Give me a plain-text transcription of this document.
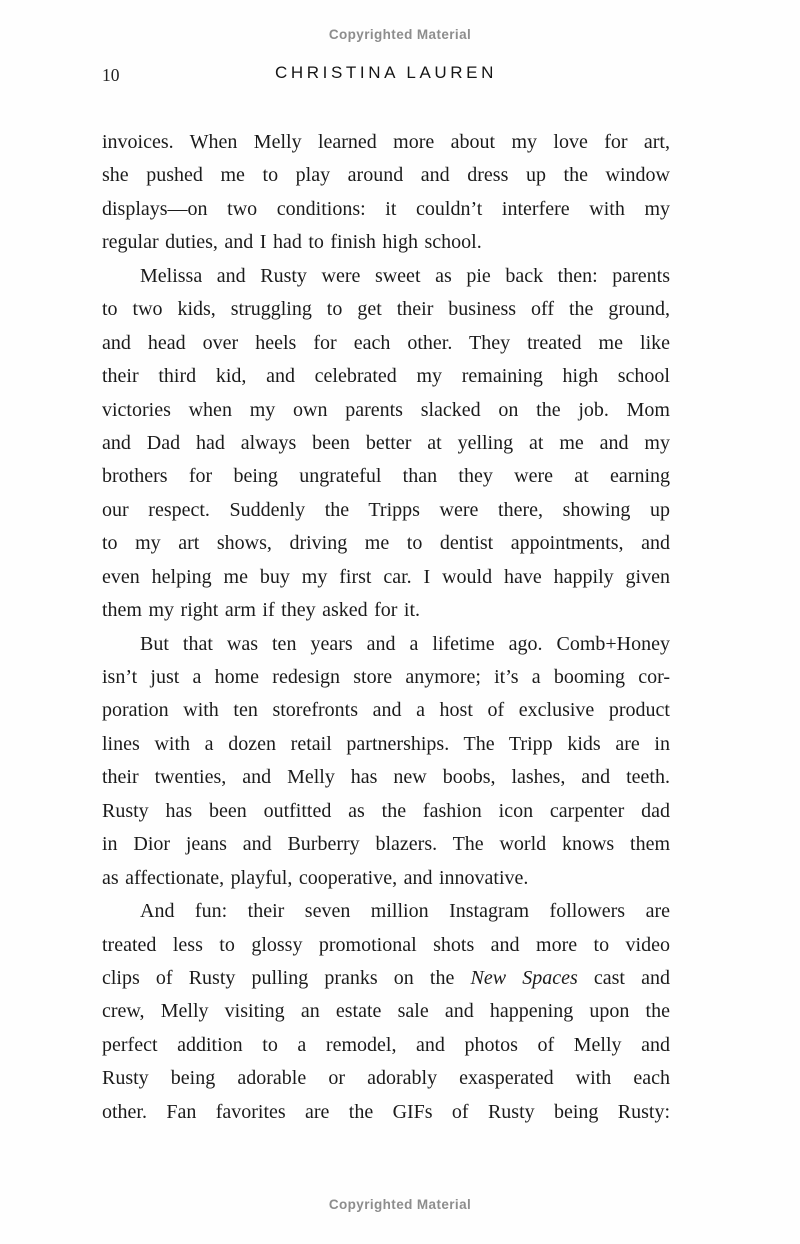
Copyrighted Material
10	CHRISTINA LAUREN
invoices. When Melly learned more about my love for art,
she pushed me to play around and dress up the window
displays—on two conditions: it couldn’t interfere with my
regular duties, and I had to finish high school.
Melissa and Rusty were sweet as pie back then: parents
to two kids, struggling to get their business off the ground,
and head over heels for each other. They treated me like
their third kid, and celebrated my remaining high school
victories when my own parents slacked on the job. Mom
and Dad had always been better at yelling at me and my
brothers for being ungrateful than they were at earning
our respect. Suddenly the Tripps were there, showing up
to my art shows, driving me to dentist appointments, and
even helping me buy my first car. I would have happily given
them my right arm if they asked for it.
But that was ten years and a lifetime ago. Comb+Honey
isn’t just a home redesign store anymore; it’s a booming cor-
poration with ten storefronts and a host of exclusive product
lines with a dozen retail partnerships. The Tripp kids are in
their twenties, and Melly has new boobs, lashes, and teeth.
Rusty has been outfitted as the fashion icon carpenter dad
in Dior jeans and Burberry blazers. The world knows them
as affectionate, playful, cooperative, and innovative.
And fun: their seven million Instagram followers are
treated less to glossy promotional shots and more to video
clips of Rusty pulling pranks on the New Spaces cast and
crew, Melly visiting an estate sale and happening upon the
perfect addition to a remodel, and photos of Melly and
Rusty being adorable or adorably exasperated with each
other. Fan favorites are the GIFs of Rusty being Rusty:
Copyrighted Material
